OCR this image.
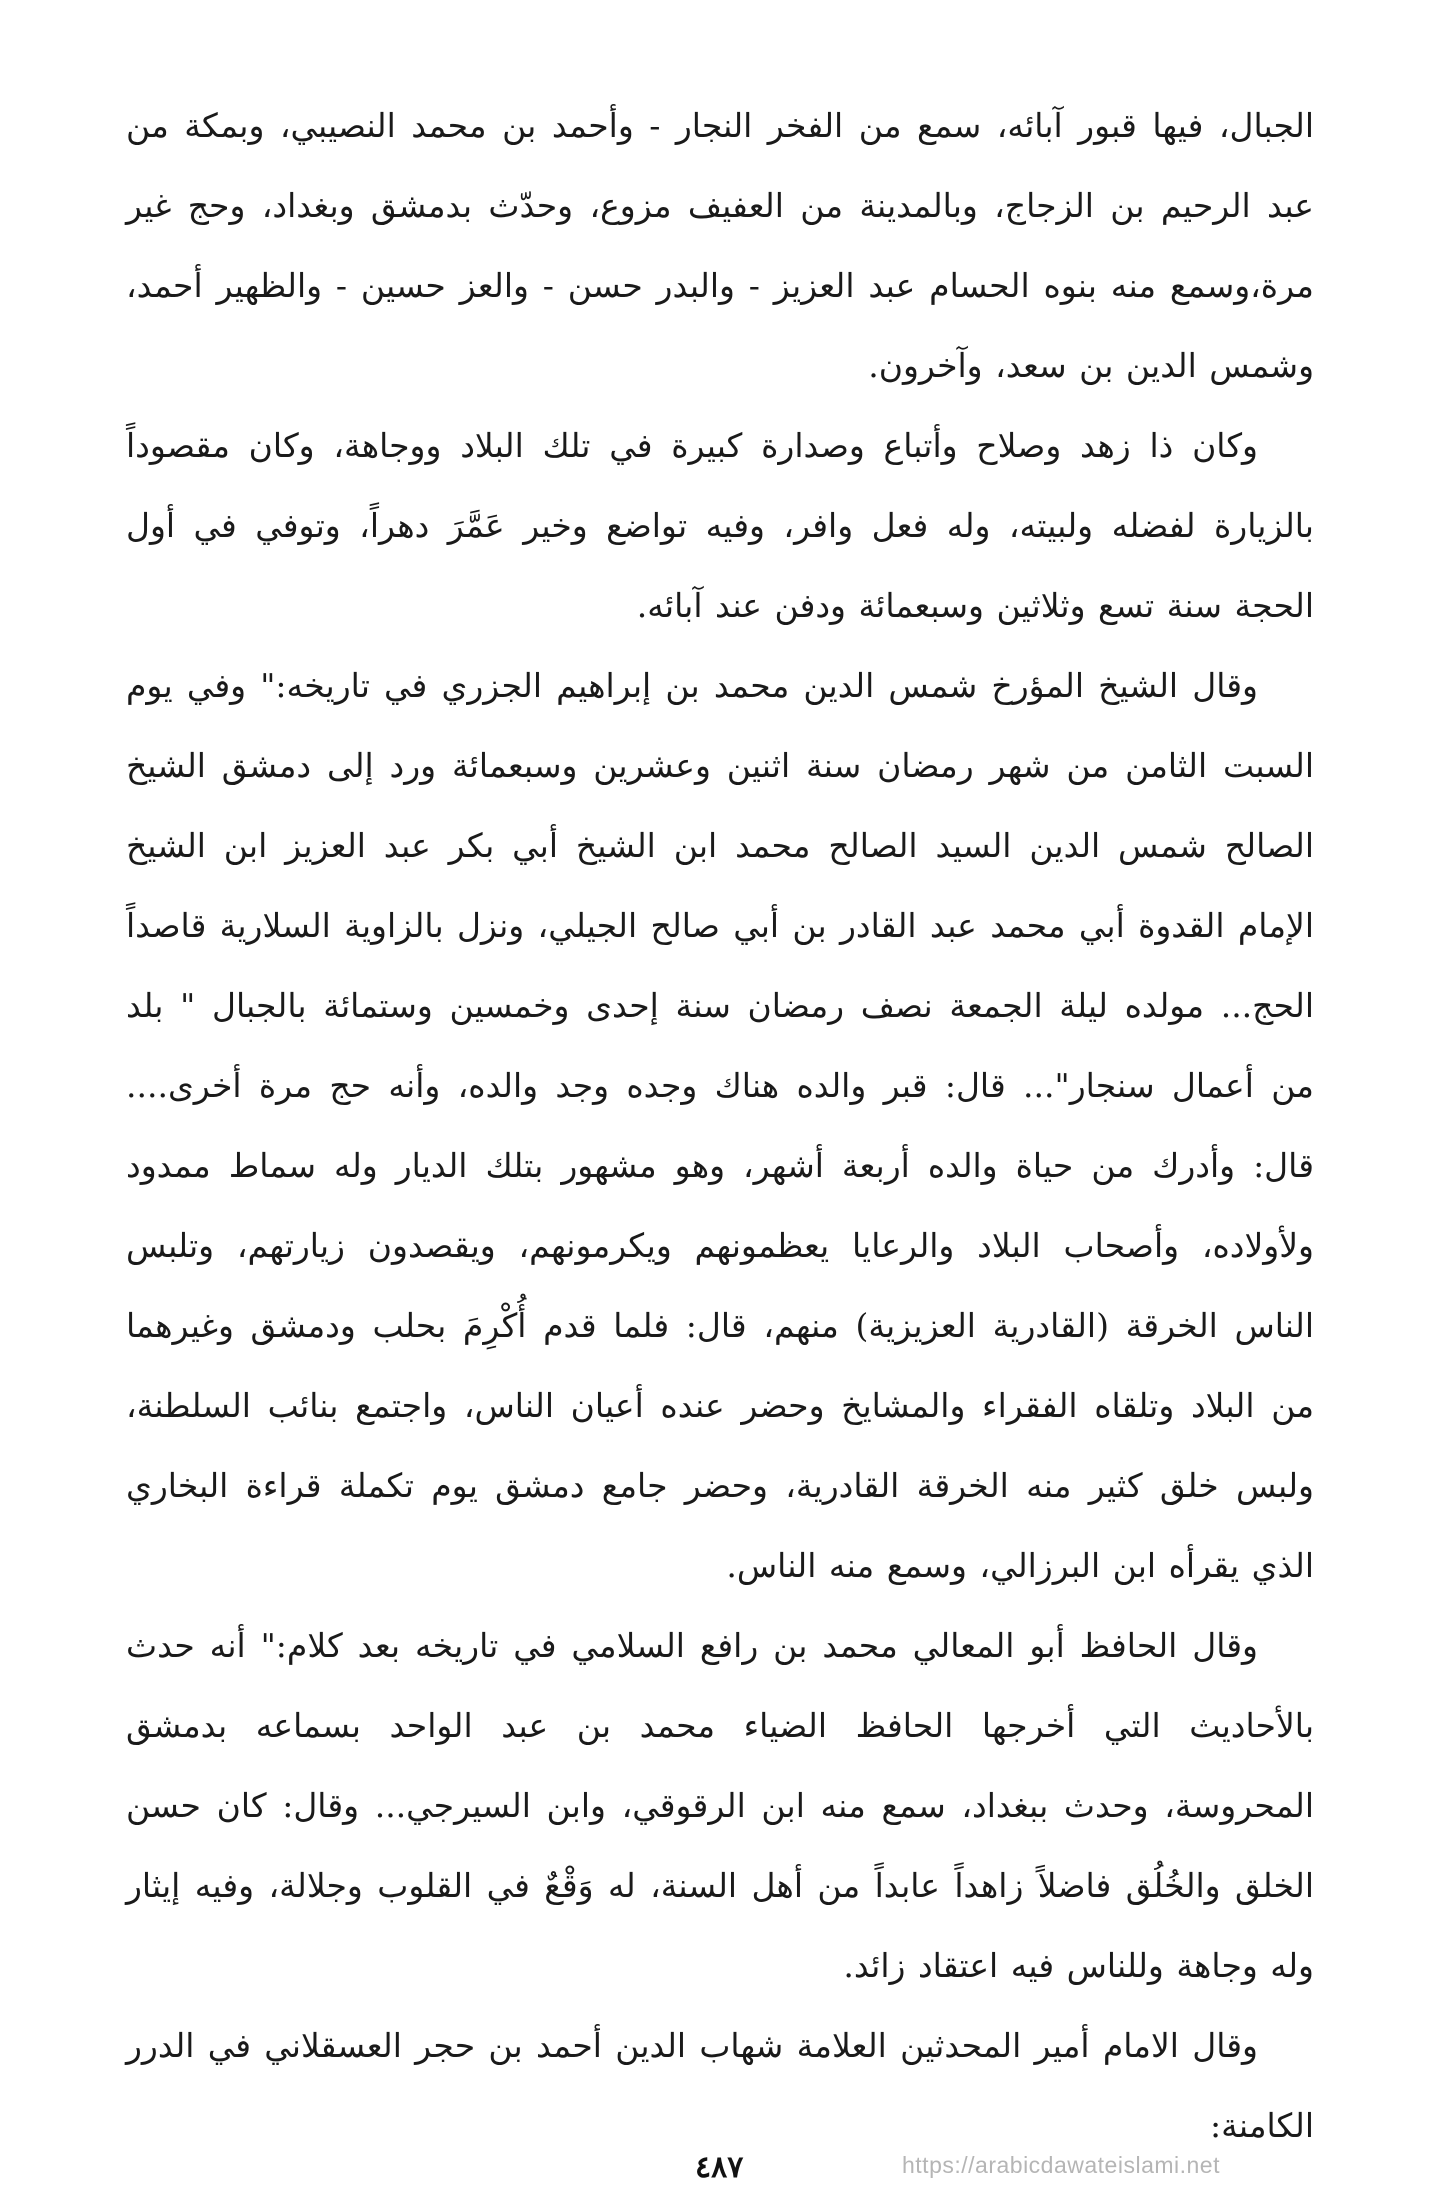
الجبال، فيها قبور آبائه، سمع من الفخر النجار - وأحمد بن محمد النصيبي، وبمكة من عبد الرحيم بن الزجاج، وبالمدينة من العفيف مزوع، وحدّث بدمشق وبغداد، وحج غير مرة،وسمع منه بنوه الحسام عبد العزيز - والبدر حسن - والعز حسين - والظهير أحمد، وشمس الدين بن سعد، وآخرون.

وكان ذا زهد وصلاح وأتباع وصدارة كبيرة في تلك البلاد ووجاهة، وكان مقصوداً بالزيارة لفضله ولبيته، وله فعل وافر، وفيه تواضع وخير عَمَّرَ دهراً، وتوفي في أول الحجة سنة تسع وثلاثين وسبعمائة ودفن عند آبائه.

وقال الشيخ المؤرخ شمس الدين محمد بن إبراهيم الجزري في تاريخه:" وفي يوم السبت الثامن من شهر رمضان سنة اثنين وعشرين وسبعمائة ورد إلى دمشق الشيخ الصالح شمس الدين السيد الصالح محمد ابن الشيخ أبي بكر عبد العزيز ابن الشيخ الإمام القدوة أبي محمد عبد القادر بن أبي صالح الجيلي، ونزل بالزاوية السلارية قاصداً الحج... مولده ليلة الجمعة نصف رمضان سنة إحدى وخمسين وستمائة بالجبال " بلد من أعمال سنجار"... قال: قبر والده هناك وجده وجد والده، وأنه حج مرة أخرى.... قال: وأدرك من حياة والده أربعة أشهر، وهو مشهور بتلك الديار وله سماط ممدود ولأولاده، وأصحاب البلاد والرعايا يعظمونهم ويكرمونهم، ويقصدون زيارتهم، وتلبس الناس الخرقة (القادرية العزيزية) منهم، قال: فلما قدم أُكْرِمَ بحلب ودمشق وغيرهما من البلاد وتلقاه الفقراء والمشايخ وحضر عنده أعيان الناس، واجتمع بنائب السلطنة، ولبس خلق كثير منه الخرقة القادرية، وحضر جامع دمشق يوم تكملة قراءة البخاري الذي يقرأه ابن البرزالي، وسمع منه الناس.

وقال الحافظ أبو المعالي محمد بن رافع السلامي في تاريخه بعد كلام:" أنه حدث بالأحاديث التي أخرجها الحافظ الضياء محمد بن عبد الواحد بسماعه بدمشق المحروسة، وحدث ببغداد، سمع منه ابن الرقوقي، وابن السيرجي... وقال: كان حسن الخلق والخُلُق فاضلاً زاهداً عابداً من أهل السنة، له وَقْعٌ في القلوب وجلالة، وفيه إيثار وله وجاهة وللناس فيه اعتقاد زائد.

وقال الامام أمير المحدثين العلامة شهاب الدين أحمد بن حجر العسقلاني في الدرر الكامنة:

٤٨٧	https://arabicdawateislami.net
